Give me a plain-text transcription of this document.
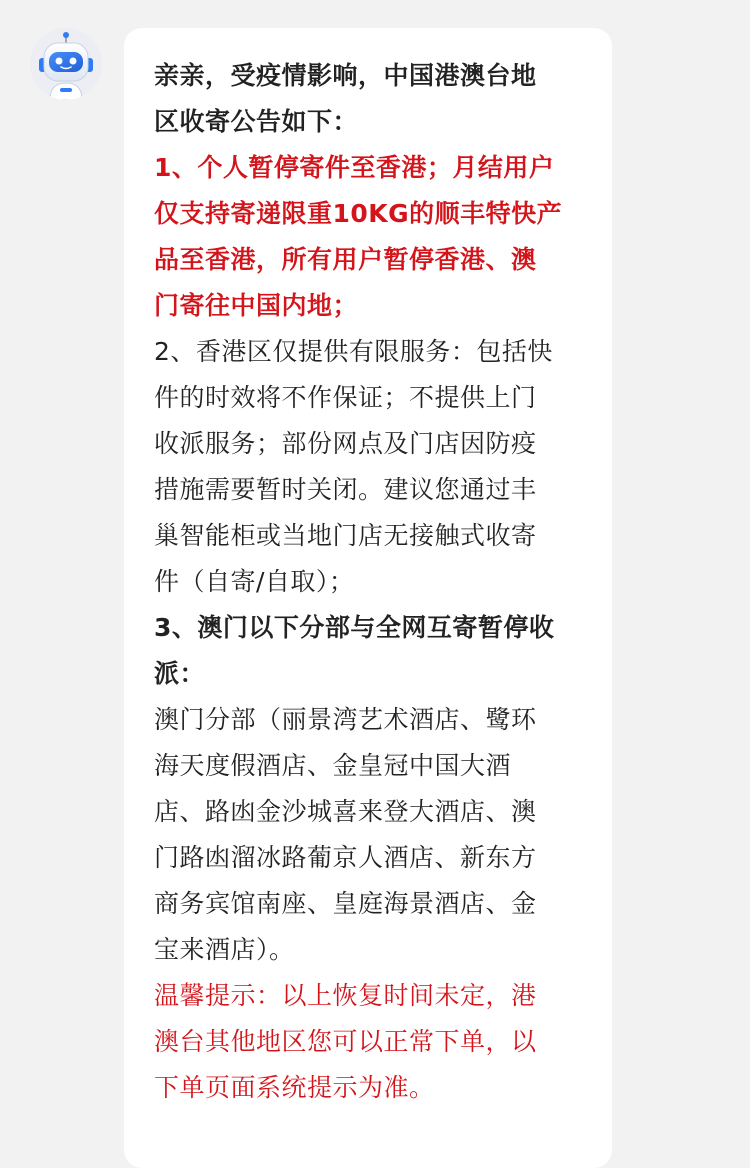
亲亲，受疫情影响，中国港澳台地
区收寄公告如下：
1、个人暂停寄件至香港；月结用户
仅支持寄递限重10KG的顺丰特快产
品至香港，所有用户暂停香港、澳
门寄往中国内地；
2、香港区仅提供有限服务：包括快
件的时效将不作保证；不提供上门
收派服务；部份网点及门店因防疫
措施需要暂时关闭。建议您通过丰
巢智能柜或当地门店无接触式收寄
件（自寄/自取）；
3、澳门以下分部与全网互寄暂停收
派：
澳门分部（丽景湾艺术酒店、鹭环
海天度假酒店、金皇冠中国大酒
店、路凼金沙城喜来登大酒店、澳
门路凼溜冰路葡京人酒店、新东方
商务宾馆南座、皇庭海景酒店、金
宝来酒店）。
温馨提示：以上恢复时间未定，港
澳台其他地区您可以正常下单，以
下单页面系统提示为准。
